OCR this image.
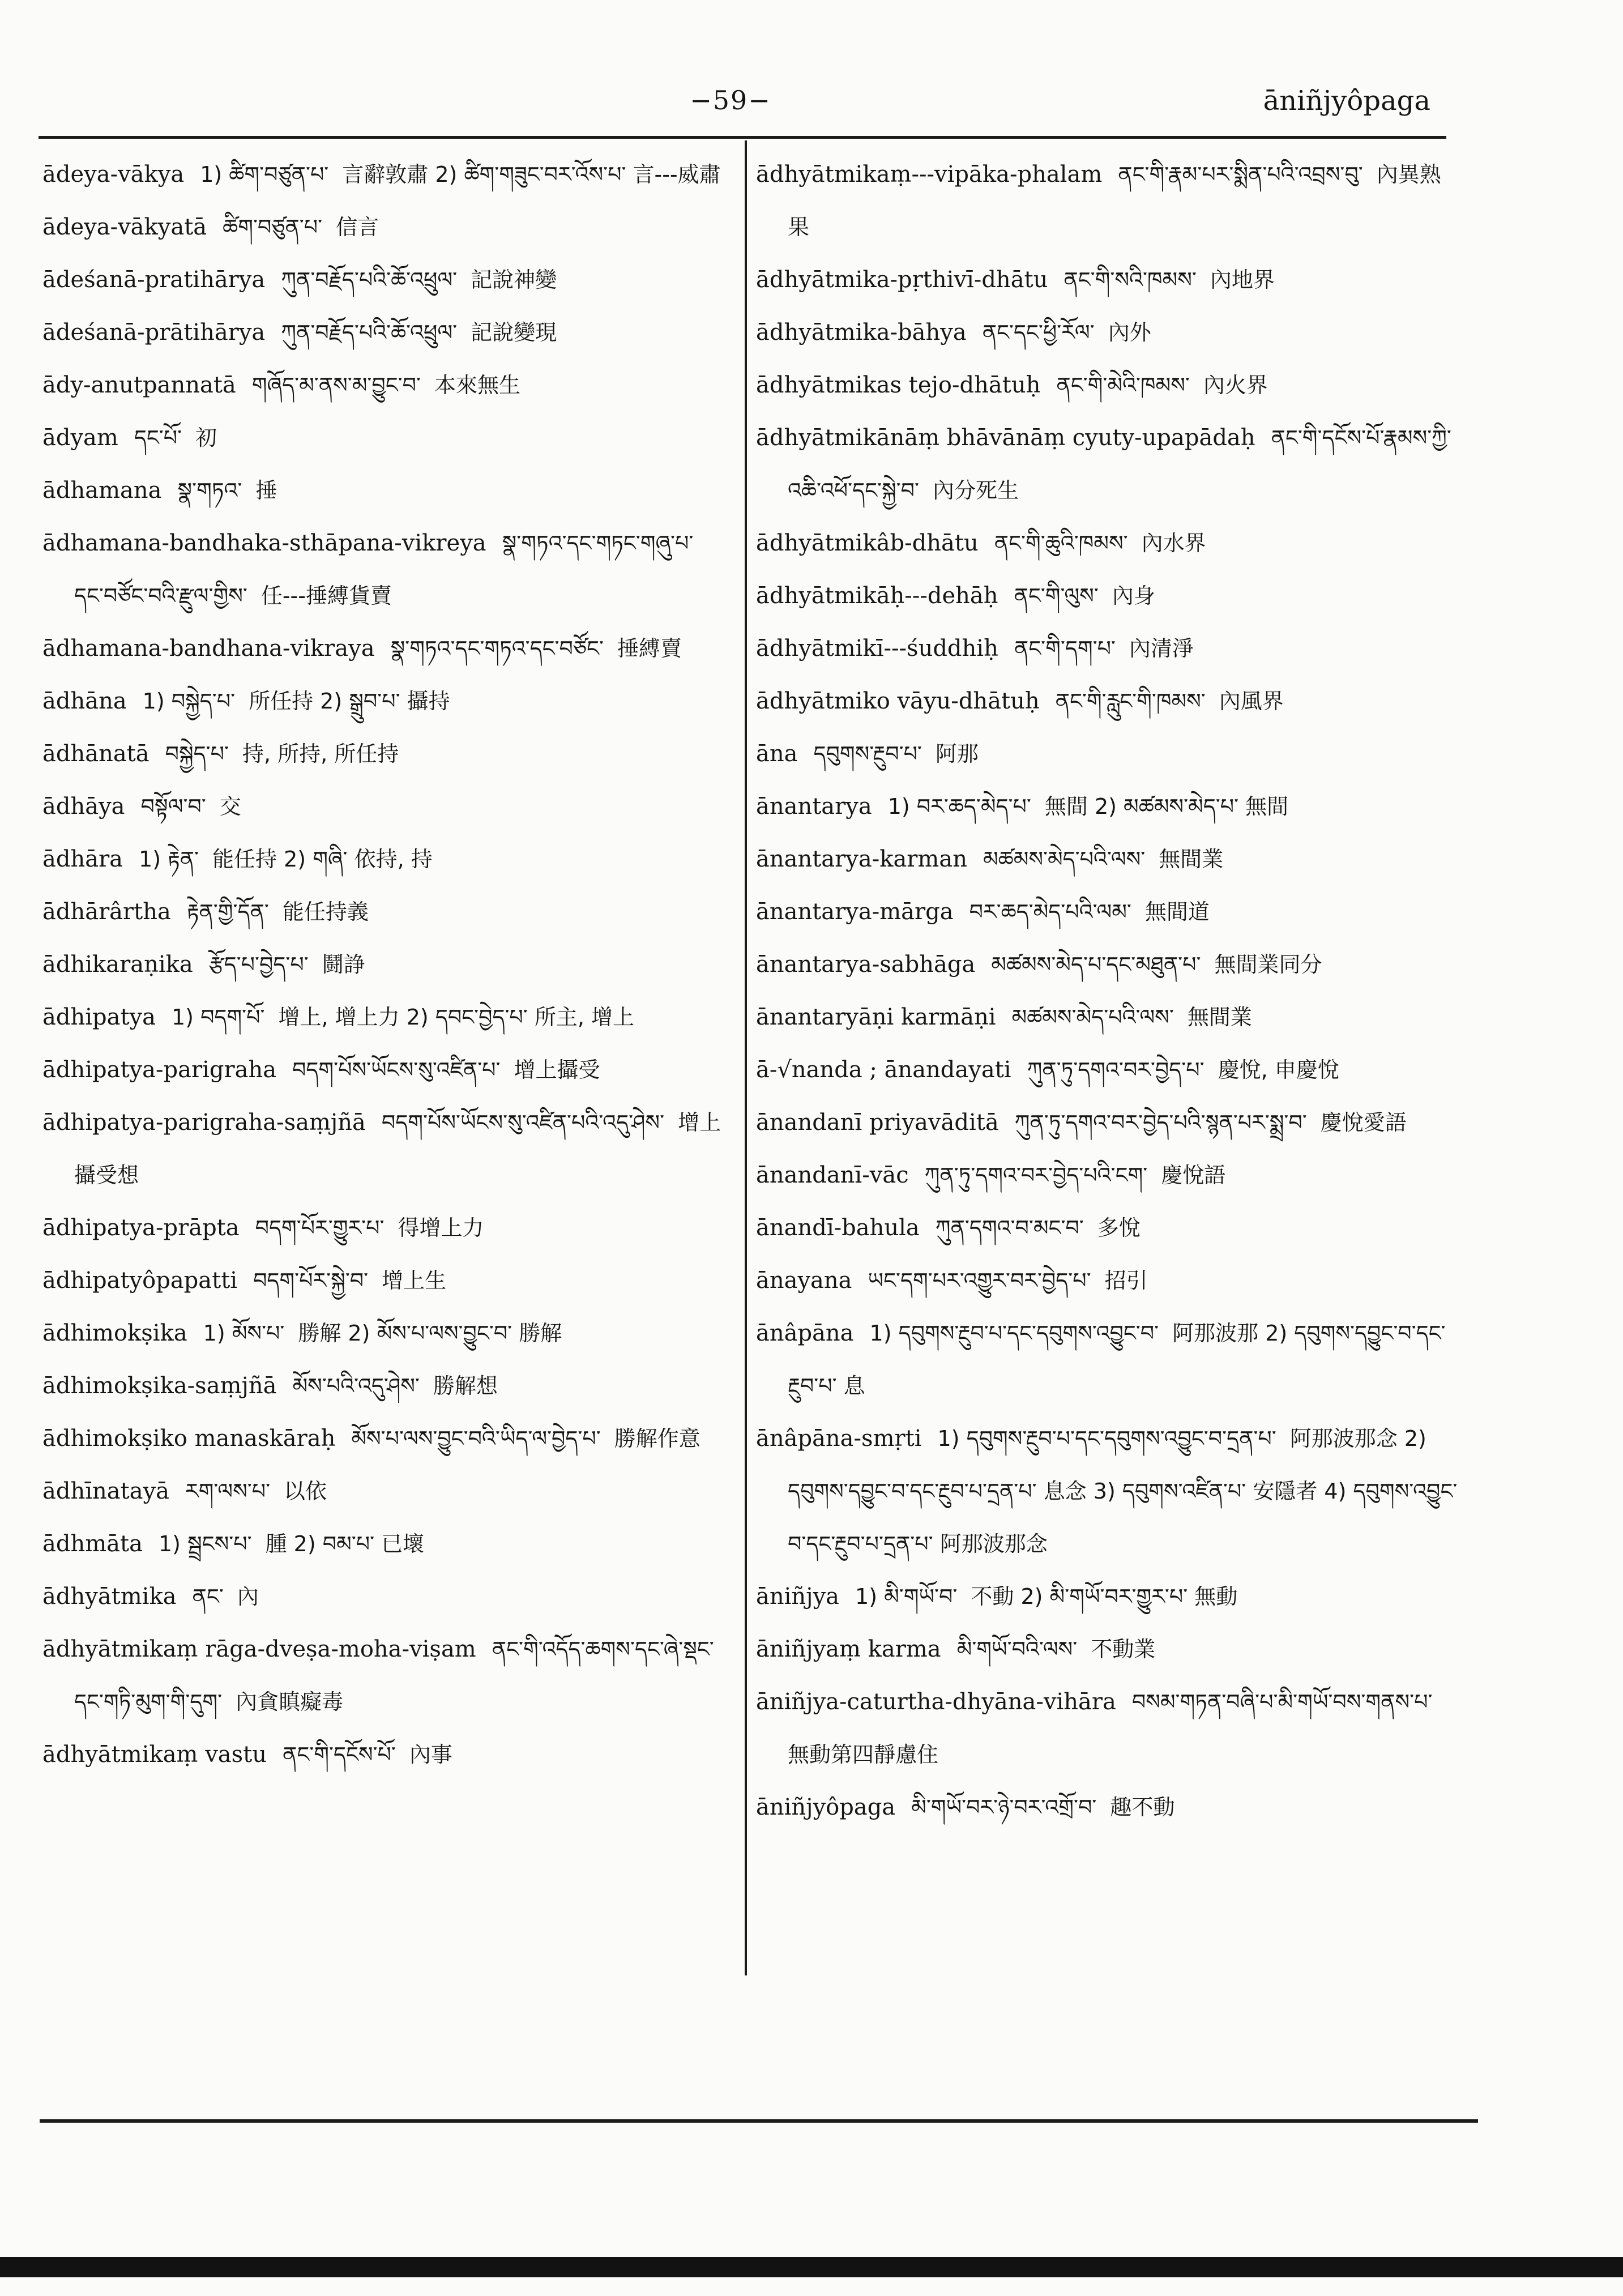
−59−	āniñjyôpaga
ādeya-vākya 1) ཚིག་བཙུན་པ་ 言辭敦肅 2) ཚིག་གཟུང་བར་འོས་པ་ 言---威肅
ādeya-vākyatā ཚིག་བཙུན་པ་ 信言
ādeśanā-pratihārya ཀུན་བརྗོད་པའི་ཆོ་འཕྲུལ་ 記說神變
ādeśanā-prātihārya ཀུན་བརྗོད་པའི་ཆོ་འཕྲུལ་ 記說變現
ādy-anutpannatā གཞོད་མ་ནས་མ་བྱུང་བ་ 本來無生
ādyam དང་པོ་ 初
ādhamana སྣ་གཏའ་ 捶
ādhamana-bandhaka-sthāpana-vikreya སྣ་གཏའ་དང་གཏང་གཞུ་པ་དང་བཙོང་བའི་རྫུལ་གྱིས་ 任---捶縛貨賣
ādhamana-bandhana-vikraya སྣ་གཏའ་དང་གཏའ་དང་བཙོང་ 捶縛賣
ādhāna 1) བསྐྱེད་པ་ 所任持 2) སྒྲུབ་པ་ 攝持
ādhānatā བསྐྱེད་པ་ 持, 所持, 所任持
ādhāya བསྟོལ་བ་ 交
ādhāra 1) རྟེན་ 能任持 2) གཞི་ 依持, 持
ādhārârtha རྟེན་གྱི་དོན་ 能任持義
ādhikaraṇika རྩོད་པ་བྱེད་པ་ 鬪諍
ādhipatya 1) བདག་པོ་ 增上, 增上力 2) དབང་བྱེད་པ་ 所主, 增上
ādhipatya-parigraha བདག་པོས་ཡོངས་སུ་འཛིན་པ་ 增上攝受
ādhipatya-parigraha-saṃjñā བདག་པོས་ཡོངས་སུ་འཛིན་པའི་འདུ་ཤེས་ 增上攝受想
ādhipatya-prāpta བདག་པོར་གྱུར་པ་ 得增上力
ādhipatyôpapatti བདག་པོར་སྐྱེ་བ་ 增上生
ādhimokṣika 1) མོས་པ་ 勝解 2) མོས་པ་ལས་བྱུང་བ་ 勝解
ādhimokṣika-saṃjñā མོས་པའི་འདུ་ཤེས་ 勝解想
ādhimokṣiko manaskāraḥ མོས་པ་ལས་བྱུང་བའི་ཡིད་ལ་བྱེད་པ་ 勝解作意
ādhīnatayā རག་ལས་པ་ 以依
ādhmāta 1) སྦྲངས་པ་ 腫 2) བམ་པ་ 已壞
ādhyātmika ནང་ 內
ādhyātmikaṃ rāga-dveṣa-moha-viṣam ནང་གི་འདོད་ཆགས་དང་ཞེ་སྡང་དང་གཏི་མུག་གི་དུག་ 內貪瞋癡毒
ādhyātmikaṃ vastu ནང་གི་དངོས་པོ་ 內事
ādhyātmikaṃ---vipāka-phalam ནང་གི་རྣམ་པར་སྨིན་པའི་འབྲས་བུ་ 內異熟果
ādhyātmika-pṛthivī-dhātu ནང་གི་སའི་ཁམས་ 內地界
ādhyātmika-bāhya ནང་དང་ཕྱི་རོལ་ 內外
ādhyātmikas tejo-dhātuḥ ནང་གི་མེའི་ཁམས་ 內火界
ādhyātmikānāṃ bhāvānāṃ cyuty-upapādaḥ ནང་གི་དངོས་པོ་རྣམས་ཀྱི་འཆི་འཕོ་དང་སྐྱེ་བ་ 內分死生
ādhyātmikâb-dhātu ནང་གི་ཆུའི་ཁམས་ 內水界
ādhyātmikāḥ---dehāḥ ནང་གི་ལུས་ 內身
ādhyātmikī---śuddhiḥ ནང་གི་དག་པ་ 內清淨
ādhyātmiko vāyu-dhātuḥ ནང་གི་རླུང་གི་ཁམས་ 內風界
āna དབུགས་རྔུབ་པ་ 阿那
ānantarya 1) བར་ཆད་མེད་པ་ 無間 2) མཚམས་མེད་པ་ 無間
ānantarya-karman མཚམས་མེད་པའི་ལས་ 無間業
ānantarya-mārga བར་ཆད་མེད་པའི་ལམ་ 無間道
ānantarya-sabhāga མཚམས་མེད་པ་དང་མཐུན་པ་ 無間業同分
ānantaryāṇi karmāṇi མཚམས་མེད་པའི་ལས་ 無間業
ā-√nanda ; ānandayati ཀུན་ཏུ་དགའ་བར་བྱེད་པ་ 慶悅, 申慶悅
ānandanī priyavāditā ཀུན་ཏུ་དགའ་བར་བྱེད་པའི་སྙན་པར་སྨྲ་བ་ 慶悅愛語
ānandanī-vāc ཀུན་ཏུ་དགའ་བར་བྱེད་པའི་ངག་ 慶悅語
ānandī-bahula ཀུན་དགའ་བ་མང་བ་ 多悅
ānayana ཡང་དག་པར་འགྱུར་བར་བྱེད་པ་ 招引
ānâpāna 1) དབུགས་རྔུབ་པ་དང་དབུགས་འབྱུང་བ་ 阿那波那 2) དབུགས་དབྱུང་བ་དང་རྔུབ་པ་ 息
ānâpāna-smṛti 1) དབུགས་རྔུབ་པ་དང་དབུགས་འབྱུང་བ་དྲན་པ་ 阿那波那念 2) དབུགས་དབྱུང་བ་དང་རྔུབ་པ་དྲན་པ་ 息念 3) དབུགས་འཛིན་པ་ 安隱者 4) དབུགས་འབྱུང་བ་དང་རྔུབ་པ་དྲན་པ་ 阿那波那念
āniñjya 1) མི་གཡོ་བ་ 不動 2) མི་གཡོ་བར་གྱུར་པ་ 無動
āniñjyaṃ karma མི་གཡོ་བའི་ལས་ 不動業
āniñjya-caturtha-dhyāna-vihāra བསམ་གཏན་བཞི་པ་མི་གཡོ་བས་གནས་པ་無動第四靜慮住
āniñjyôpaga མི་གཡོ་བར་ཉེ་བར་འགྲོ་བ་ 趣不動
